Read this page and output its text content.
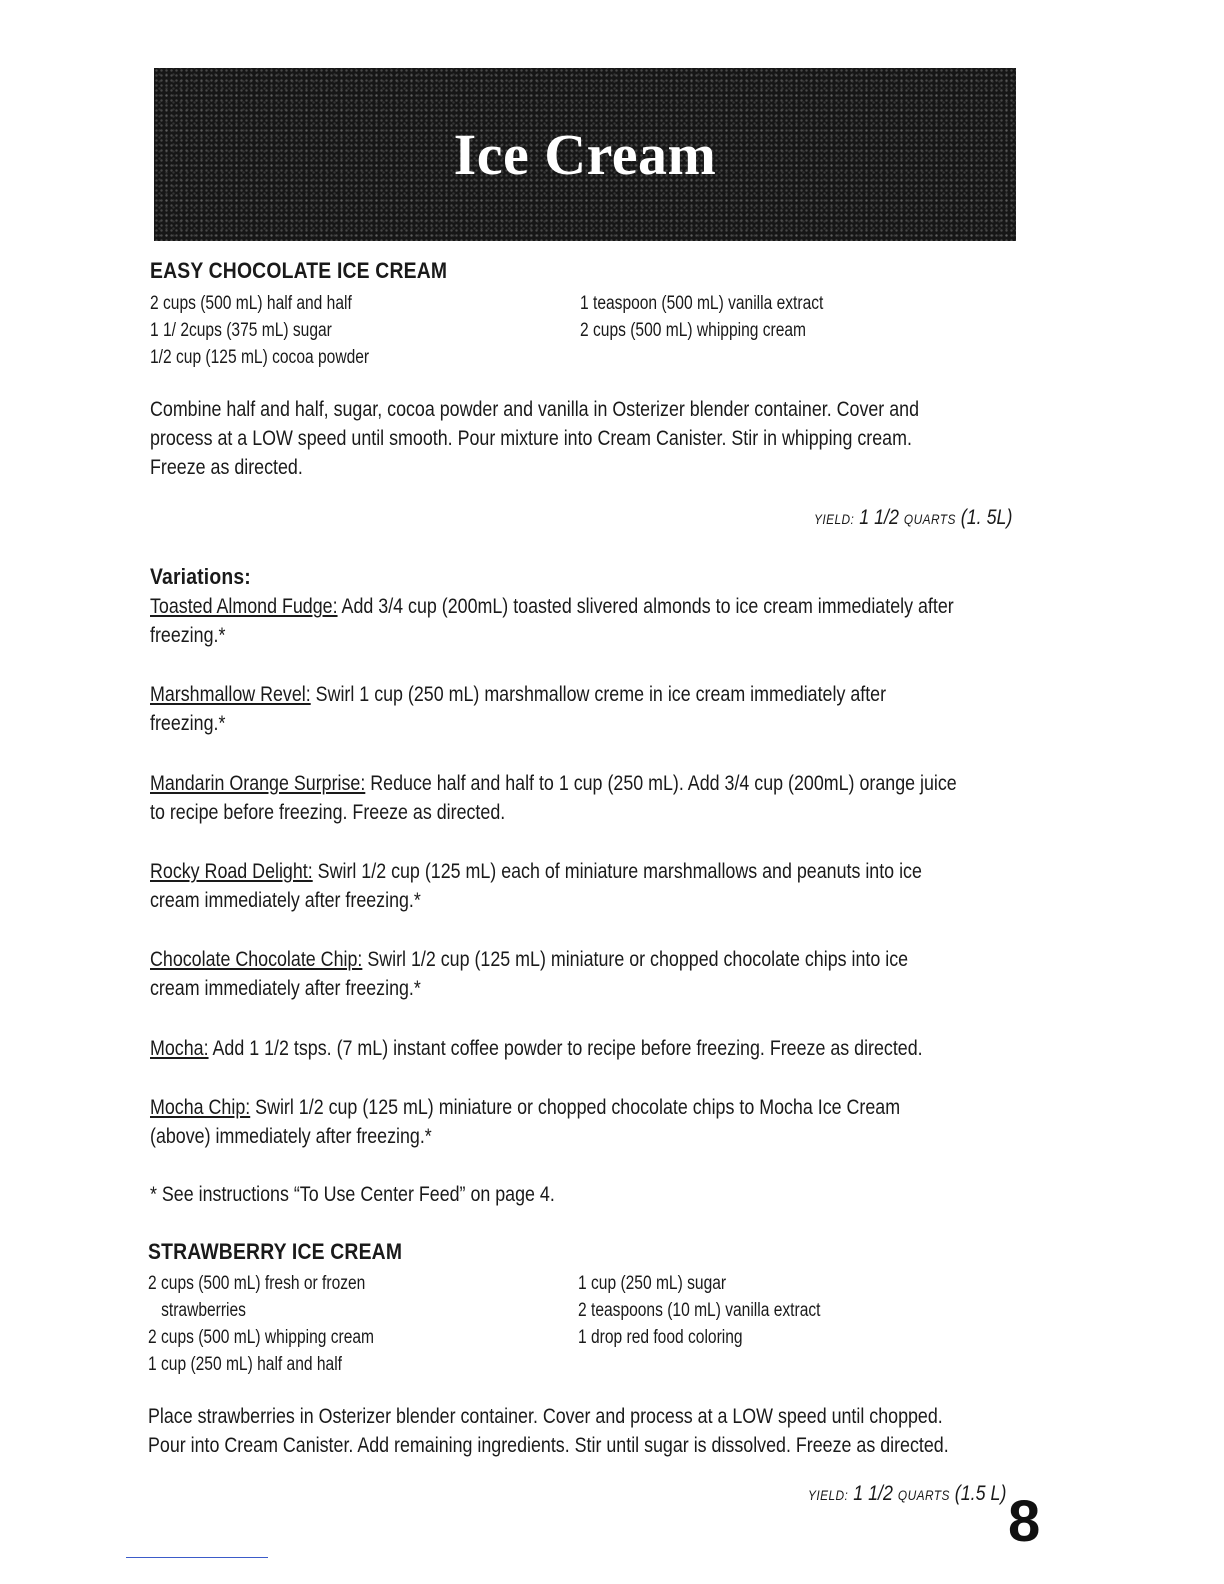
Ice Cream
EASY CHOCOLATE ICE CREAM
2 cups (500 mL) half and half
1 1/ 2cups (375 mL) sugar
1/2 cup (125 mL) cocoa powder
1 teaspoon (500 mL) vanilla extract
2 cups (500 mL) whipping cream
Combine half and half, sugar, cocoa powder and vanilla in Osterizer blender container. Cover and
process at a LOW speed until smooth. Pour mixture into Cream Canister. Stir in whipping cream.
Freeze as directed.
YIELD: 1 1/2 QUARTS (1. 5L)
Variations:
Toasted Almond Fudge: Add 3/4 cup (200mL) toasted slivered almonds to ice cream immediately after
freezing.*
Marshmallow Revel: Swirl 1 cup (250 mL) marshmallow creme in ice cream immediately after
freezing.*
Mandarin Orange Surprise: Reduce half and half to 1 cup (250 mL). Add 3/4 cup (200mL) orange juice
to recipe before freezing. Freeze as directed.
Rocky Road Delight: Swirl 1/2 cup (125 mL) each of miniature marshmallows and peanuts into ice
cream immediately after freezing.*
Chocolate Chocolate Chip: Swirl 1/2 cup (125 mL) miniature or chopped chocolate chips into ice
cream immediately after freezing.*
Mocha: Add 1 1/2 tsps. (7 mL) instant coffee powder to recipe before freezing. Freeze as directed.
Mocha Chip: Swirl 1/2 cup (125 mL) miniature or chopped chocolate chips to Mocha Ice Cream
(above) immediately after freezing.*
* See instructions “To Use Center Feed” on page 4.
STRAWBERRY ICE CREAM
2 cups (500 mL) fresh or frozen
strawberries
2 cups (500 mL) whipping cream
1 cup (250 mL) half and half
1 cup (250 mL) sugar
2 teaspoons (10 mL) vanilla extract
1 drop red food coloring
Place strawberries in Osterizer blender container. Cover and process at a LOW speed until chopped.
Pour into Cream Canister. Add remaining ingredients. Stir until sugar is dissolved. Freeze as directed.
YIELD: 1 1/2 QUARTS (1.5 L) 8
